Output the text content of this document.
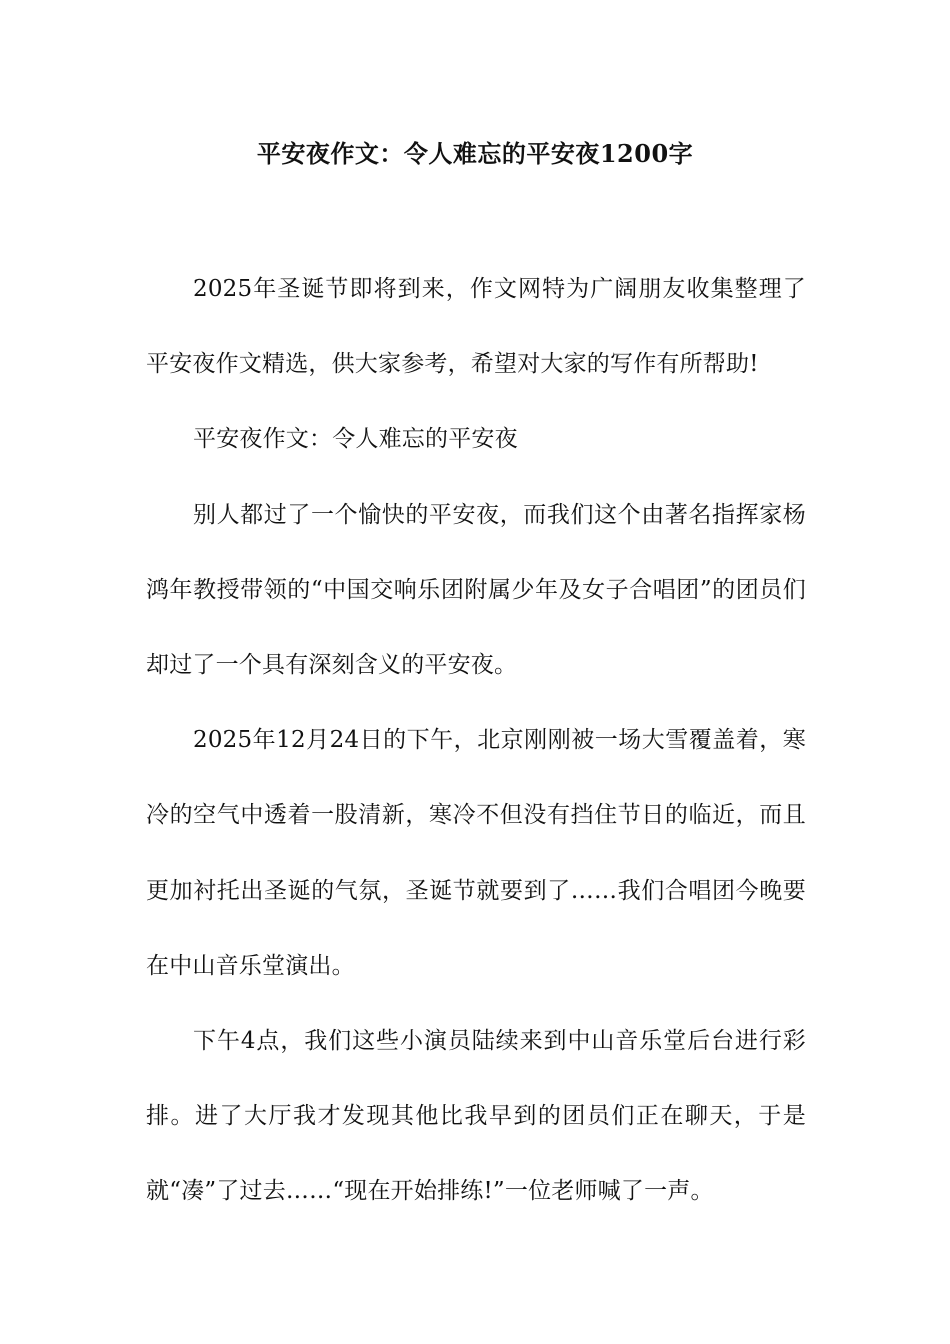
平安夜作文：令人难忘的平安夜1200字

2025年圣诞节即将到来，作文网特为广阔朋友收集整理了平安夜作文精选，供大家参考，希望对大家的写作有所帮助!

平安夜作文：令人难忘的平安夜

别人都过了一个愉快的平安夜，而我们这个由著名指挥家杨鸿年教授带领的“中国交响乐团附属少年及女子合唱团”的团员们却过了一个具有深刻含义的平安夜。

2025年12月24日的下午，北京刚刚被一场大雪覆盖着，寒冷的空气中透着一股清新，寒冷不但没有挡住节日的临近，而且更加衬托出圣诞的气氛，圣诞节就要到了……我们合唱团今晚要在中山音乐堂演出。

下午4点，我们这些小演员陆续来到中山音乐堂后台进行彩排。进了大厅我才发现其他比我早到的团员们正在聊天，于是就“凑”了过去……“现在开始排练!”一位老师喊了一声。
